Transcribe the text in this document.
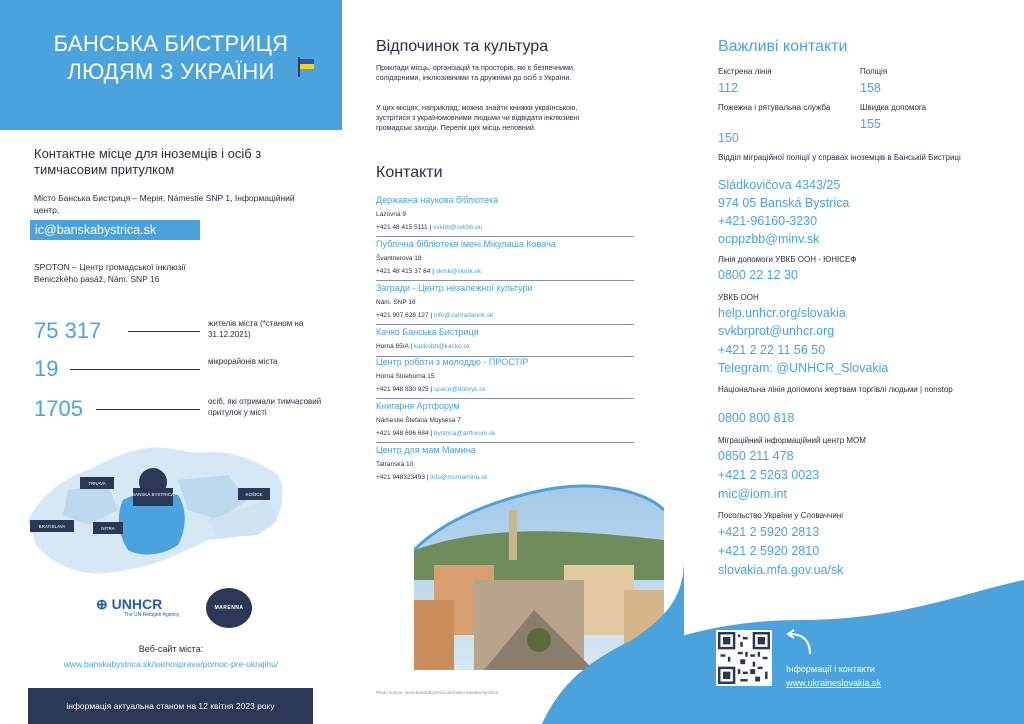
БАНСЬКА БИСТРИЦЯ
ЛЮДЯМ З УКРАЇНИ
Контактне місце для іноземців і осіб з тимчасовим притулком
Місто Банська Бистриця – Мерія, Námestie SNP 1, Інформаційний центр,
ic@banskabystrica.sk
SPOTON – Центр громадської інклюзії
Beniczkého pasáž, Nám. SNP 16
75 317	жителів міста (*станом на 31.12.2021)
19	мікрорайонів міста
1705	осіб, які отримали тимчасовий притулок у місті
TRNAVA
BANSKÁ BYSTRICA	KOŠICE
BRATISLAVA	NITRA
⊕ UNHCR
The UN Refugee Agency
MARENNA
Веб-сайт міста:
www.banskabystrica.sk/samosprava/pomoc-pre-ukrajinu/
інформація актуальна станом на 12 квітня 2023 року
Відпочинок та культура
Приклади місць, організацій та просторів, які є безпечними, солідарними, інклюзивними та дружніми до осіб з України.
У цих місцях, наприклад, можна знайти книжки українською, зустрітися з україномовними людьми чи відвідати інклюзивні громадські заходи. Перелік цих місць неповний.
Контакти
Державна наукова бібліотека
Lazovná 9
+421 48 415 5111 | svkbb@svkbb.eu
Публічна бібліотека імені Мікулаша Ковача
Švantnerova 18
+421 48 415 37 84 | vkmk@vkmk.sk
Загради - Центр незалежної культури
Nám. SNP 16
+421 907 628 127 | info@zahradaonk.sk
Качко Банська Бистриця
Horná 65/A | kackobb@kacko.sk
Центр роботи з молоддю - ПРОСТІР
Horná Strieborná 15
+421 948 830 925 | space@dobryk.sk
Книгарня Артфорум
Námestie Štefana Moysesa 7
+421 948 696 684 | bystrica@artforum.sk
Центр для мам Мамина
Tatranská 10
+421 948323493 | info@mcmamina.sk
Photo source: www.banskabystrica.sk/mesto-banska-bystrica
Важливі контакти
Екстрена лінія
112
Поліція
158
Пожежна і рятувальна служба
150
Швидка допомога
155
Відділ міграційної поліції у справах іноземців в Банській Бистриці
Sládkovičova 4343/25
974 05 Banská Bystrica
+421-96160-3230
ocppzbb@minv.sk
Лінія допомоги УВКБ ООН - ЮНІСЕФ
0800 22 12 30
УВКБ ООН
help.unhcr.org/slovakia
svkbrprot@unhcr.org
+421 2 22 11 56 50
Telegram: @UNHCR_Slovakia
Національна лінія допомоги жертвам торгівлі людьми | nonstop
0800 800 818
Міграційний інформаційний центр МОМ
0850 211 478
+421 2 5263 0023
mic@iom.int
Посольство України у Словаччині
+421 2 5920 2813
+421 2 5920 2810
slovakia.mfa.gov.ua/sk
Інформації і контакти
www.ukraineslovakia.sk
